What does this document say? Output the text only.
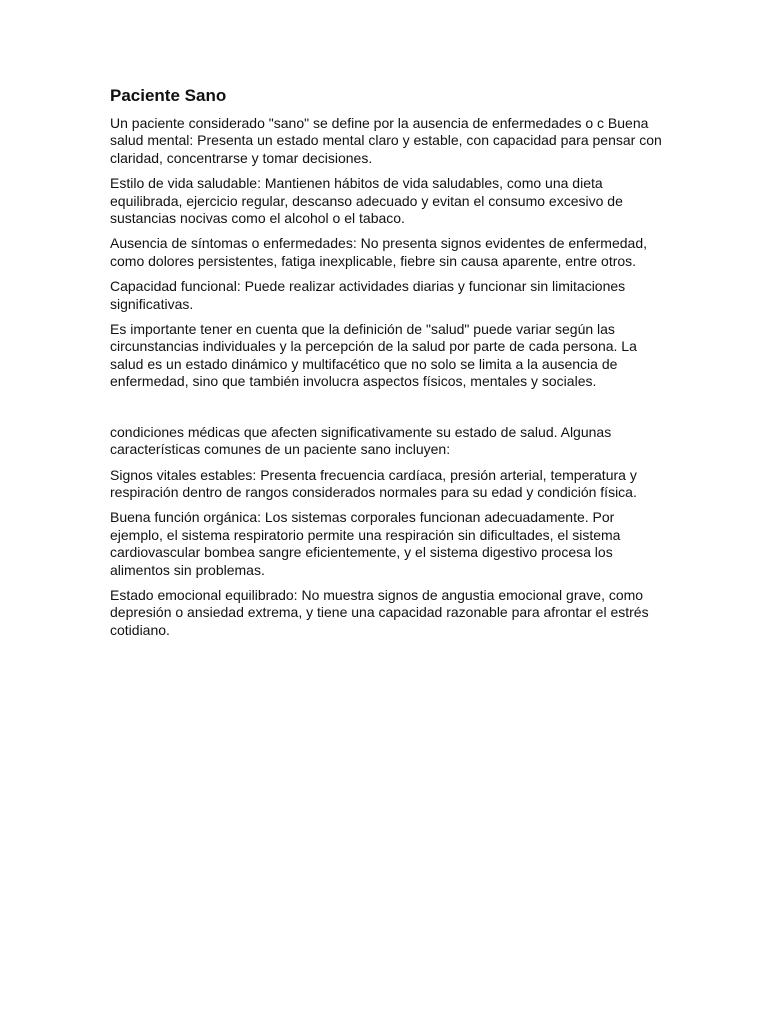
Paciente Sano

Un paciente considerado "sano" se define por la ausencia de enfermedades o c Buena salud mental: Presenta un estado mental claro y estable, con capacidad para pensar con claridad, concentrarse y tomar decisiones.

Estilo de vida saludable: Mantienen hábitos de vida saludables, como una dieta equilibrada, ejercicio regular, descanso adecuado y evitan el consumo excesivo de sustancias nocivas como el alcohol o el tabaco.

Ausencia de síntomas o enfermedades: No presenta signos evidentes de enfermedad, como dolores persistentes, fatiga inexplicable, fiebre sin causa aparente, entre otros.

Capacidad funcional: Puede realizar actividades diarias y funcionar sin limitaciones significativas.

Es importante tener en cuenta que la definición de "salud" puede variar según las circunstancias individuales y la percepción de la salud por parte de cada persona. La salud es un estado dinámico y multifacético que no solo se limita a la ausencia de enfermedad, sino que también involucra aspectos físicos, mentales y sociales.

condiciones médicas que afecten significativamente su estado de salud. Algunas características comunes de un paciente sano incluyen:

Signos vitales estables: Presenta frecuencia cardíaca, presión arterial, temperatura y respiración dentro de rangos considerados normales para su edad y condición física.

Buena función orgánica: Los sistemas corporales funcionan adecuadamente. Por ejemplo, el sistema respiratorio permite una respiración sin dificultades, el sistema cardiovascular bombea sangre eficientemente, y el sistema digestivo procesa los alimentos sin problemas.

Estado emocional equilibrado: No muestra signos de angustia emocional grave, como depresión o ansiedad extrema, y tiene una capacidad razonable para afrontar el estrés cotidiano.
